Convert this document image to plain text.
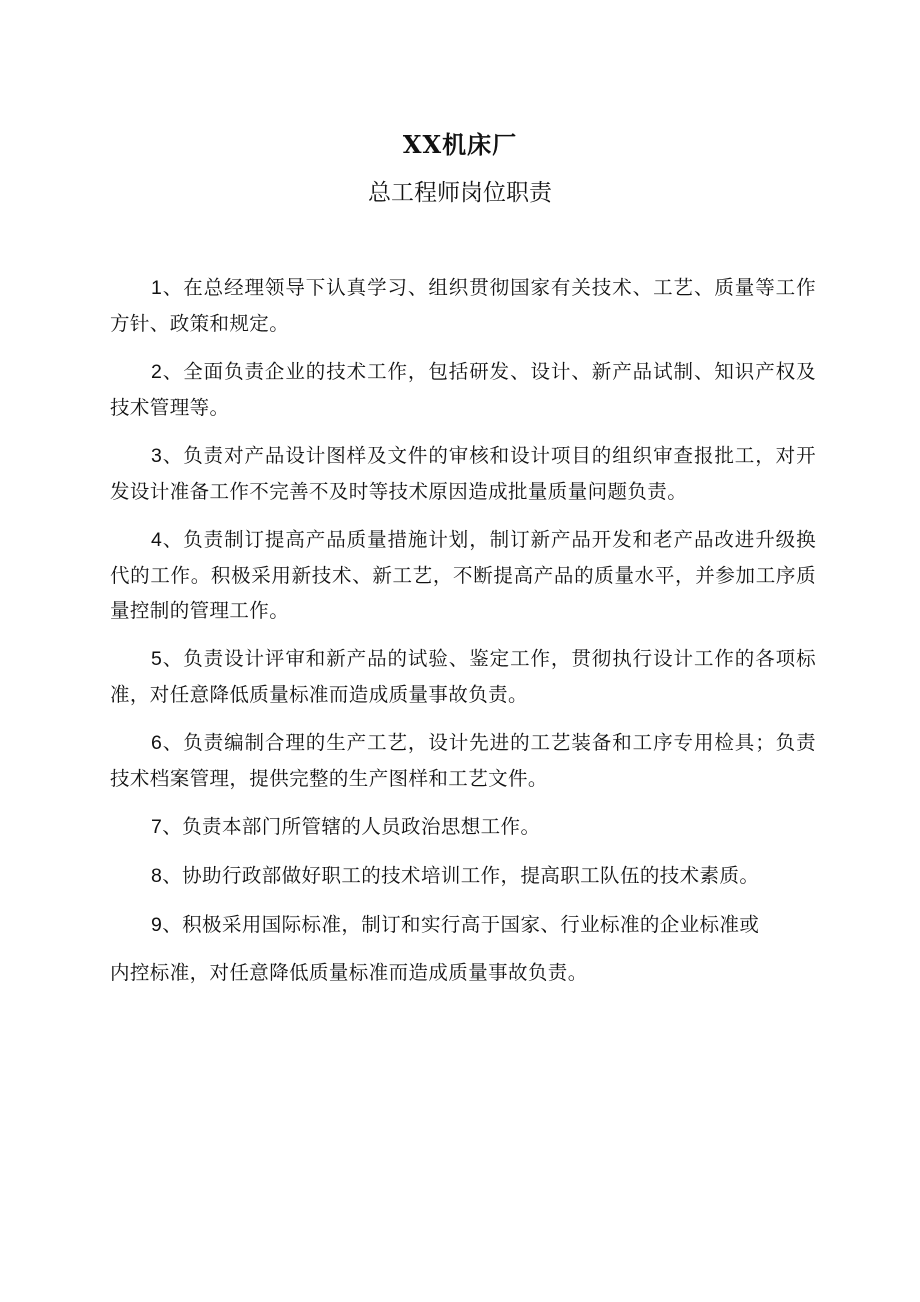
XX机床厂
总工程师岗位职责

1、在总经理领导下认真学习、组织贯彻国家有关技术、工艺、质量等工作方针、政策和规定。

2、全面负责企业的技术工作，包括研发、设计、新产品试制、知识产权及技术管理等。

3、负责对产品设计图样及文件的审核和设计项目的组织审查报批工，对开发设计准备工作不完善不及时等技术原因造成批量质量问题负责。

4、负责制订提高产品质量措施计划，制订新产品开发和老产品改进升级换代的工作。积极采用新技术、新工艺，不断提高产品的质量水平，并参加工序质量控制的管理工作。

5、负责设计评审和新产品的试验、鉴定工作，贯彻执行设计工作的各项标准，对任意降低质量标准而造成质量事故负责。

6、负责编制合理的生产工艺，设计先进的工艺装备和工序专用检具；负责技术档案管理，提供完整的生产图样和工艺文件。

7、负责本部门所管辖的人员政治思想工作。

8、协助行政部做好职工的技术培训工作，提高职工队伍的技术素质。

9、积极采用国际标准，制订和实行高于国家、行业标准的企业标准或
内控标准，对任意降低质量标准而造成质量事故负责。
